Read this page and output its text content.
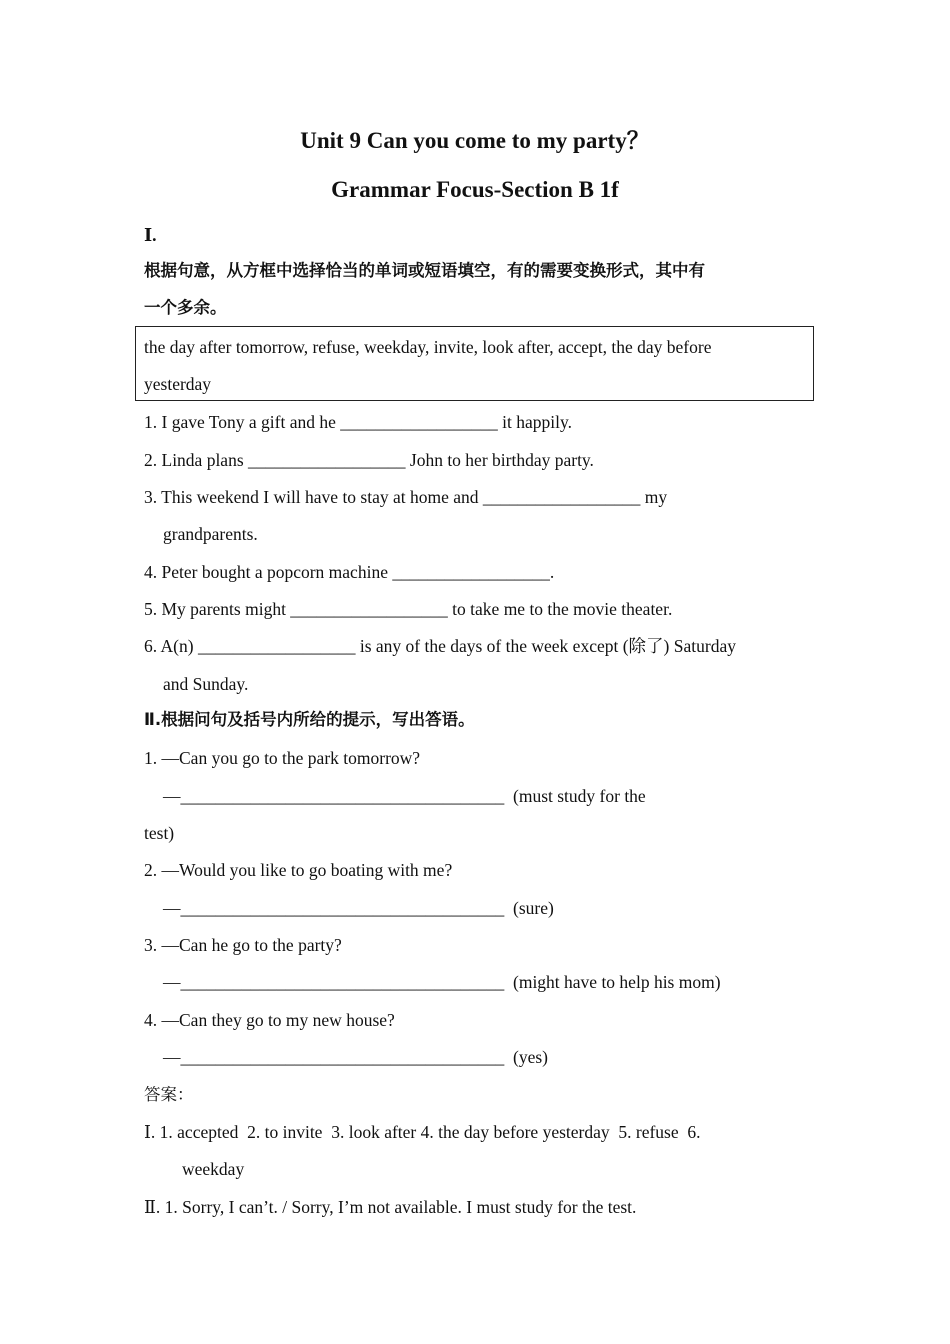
Unit 9 Can you come to my party？
Grammar Focus-Section B 1f
Ⅰ.
根据句意，从方框中选择恰当的单词或短语填空，有的需要变换形式，其中有
一个多余。
the day after tomorrow, refuse, weekday, invite, look after, accept, the day before
yesterday
1. I gave Tony a gift and he __________________ it happily.
2. Linda plans __________________ John to her birthday party.
3. This weekend I will have to stay at home and __________________ my
grandparents.
4. Peter bought a popcorn machine __________________.
5. My parents might __________________ to take me to the movie theater.
6. A(n) __________________ is any of the days of the week except (除了) Saturday
and Sunday.
Ⅱ.根据问句及括号内所给的提示，写出答语。
1. —Can you go to the park tomorrow?
—_____________________________________  (must study for the
test)
2. —Would you like to go boating with me?
—_____________________________________  (sure)
3. —Can he go to the party?
—_____________________________________  (might have to help his mom)
4. —Can they go to my new house?
—_____________________________________  (yes)
答案：
Ⅰ. 1. accepted  2. to invite  3. look after 4. the day before yesterday  5. refuse  6.
weekday
Ⅱ. 1. Sorry, I can’t. / Sorry, I’m not available. I must study for the test.
